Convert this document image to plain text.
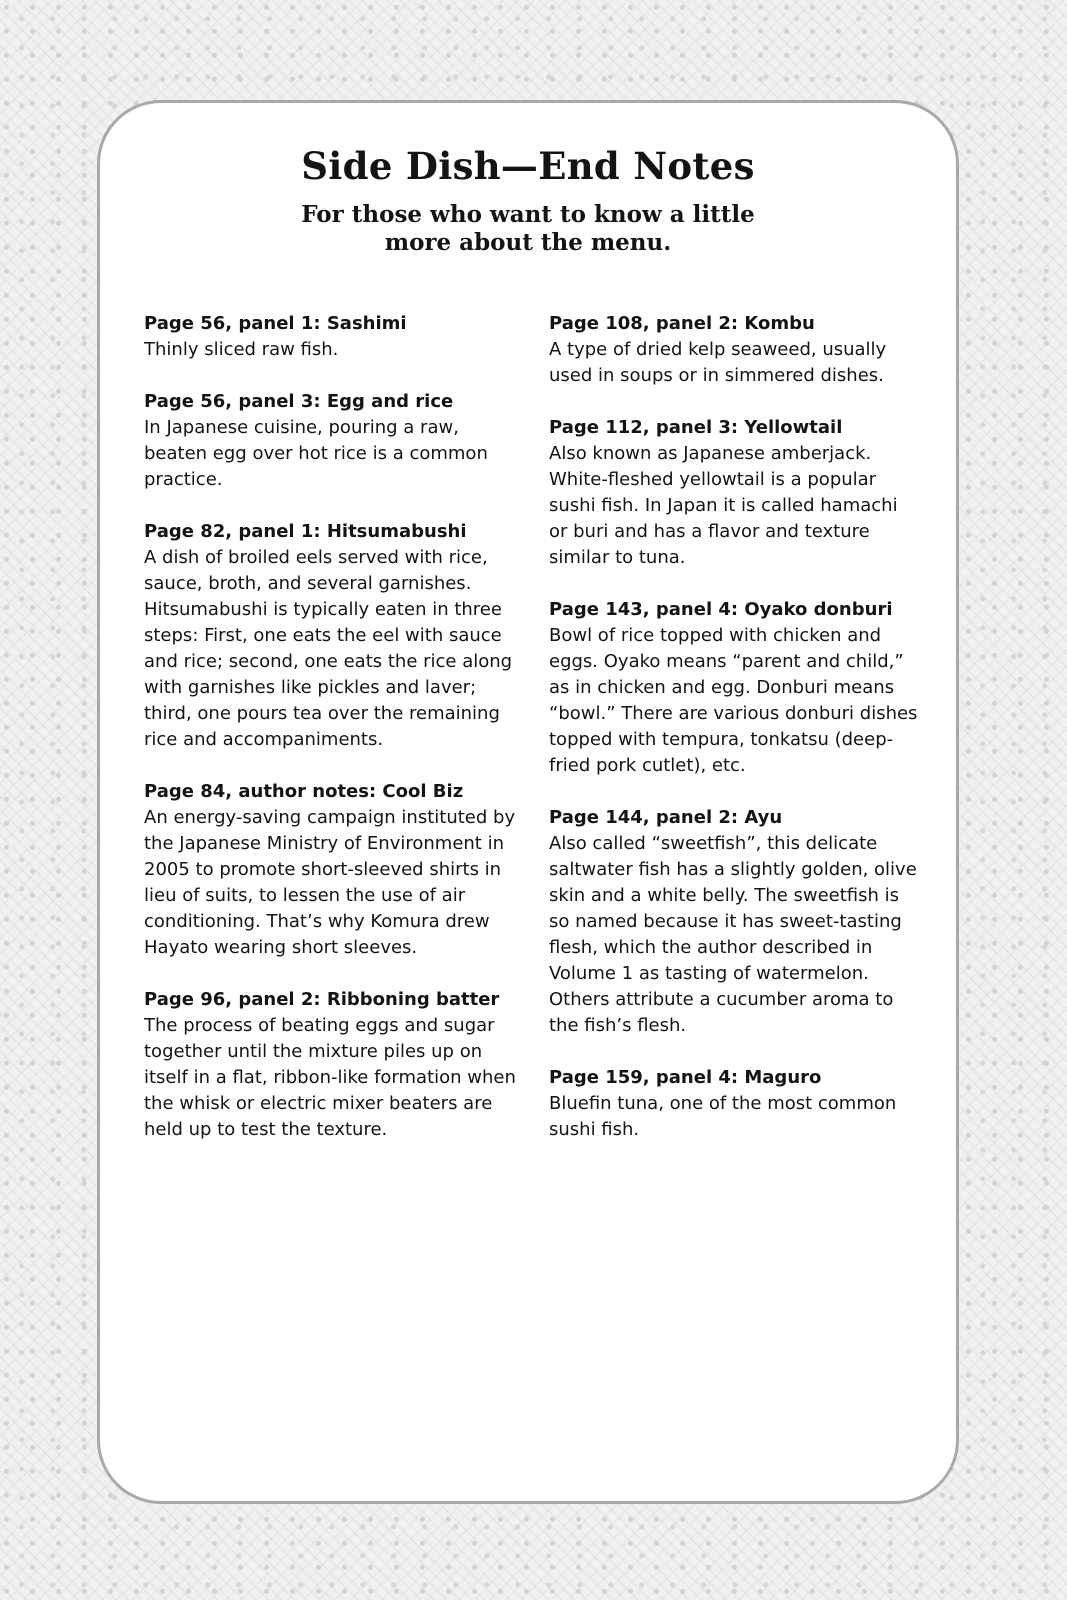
Side Dish—End Notes
For those who want to know a little
more about the menu.
Page 56, panel 1: Sashimi

Thinly sliced raw fish.

Page 56, panel 3: Egg and rice

In Japanese cuisine, pouring a raw, beaten egg over hot rice is a common practice.

Page 82, panel 1: Hitsumabushi

A dish of broiled eels served with rice, sauce, broth, and several garnishes. Hitsumabushi is typically eaten in three steps: First, one eats the eel with sauce and rice; second, one eats the rice along with garnishes like pickles and laver; third, one pours tea over the remaining rice and accompaniments.

Page 84, author notes: Cool Biz

An energy-saving campaign instituted by the Japanese Ministry of Environment in 2005 to promote short-sleeved shirts in lieu of suits, to lessen the use of air conditioning. That’s why Komura drew Hayato wearing short sleeves.

Page 96, panel 2: Ribboning batter

The process of beating eggs and sugar together until the mixture piles up on itself in a flat, ribbon-like formation when the whisk or electric mixer beaters are held up to test the texture.

Page 108, panel 2: Kombu

A type of dried kelp seaweed, usually used in soups or in simmered dishes.

Page 112, panel 3: Yellowtail

Also known as Japanese amberjack. White-fleshed yellowtail is a popular sushi fish. In Japan it is called hamachi or buri and has a flavor and texture similar to tuna.

Page 143, panel 4: Oyako donburi

Bowl of rice topped with chicken and eggs. Oyako means “parent and child,” as in chicken and egg. Donburi means “bowl.” There are various donburi dishes topped with tempura, tonkatsu (deep-fried pork cutlet), etc.

Page 144, panel 2: Ayu

Also called “sweetfish”, this delicate saltwater fish has a slightly golden, olive skin and a white belly. The sweetfish is so named because it has sweet-tasting flesh, which the author described in Volume 1 as tasting of watermelon. Others attribute a cucumber aroma to the fish’s flesh.

Page 159, panel 4: Maguro

Bluefin tuna, one of the most common sushi fish.
